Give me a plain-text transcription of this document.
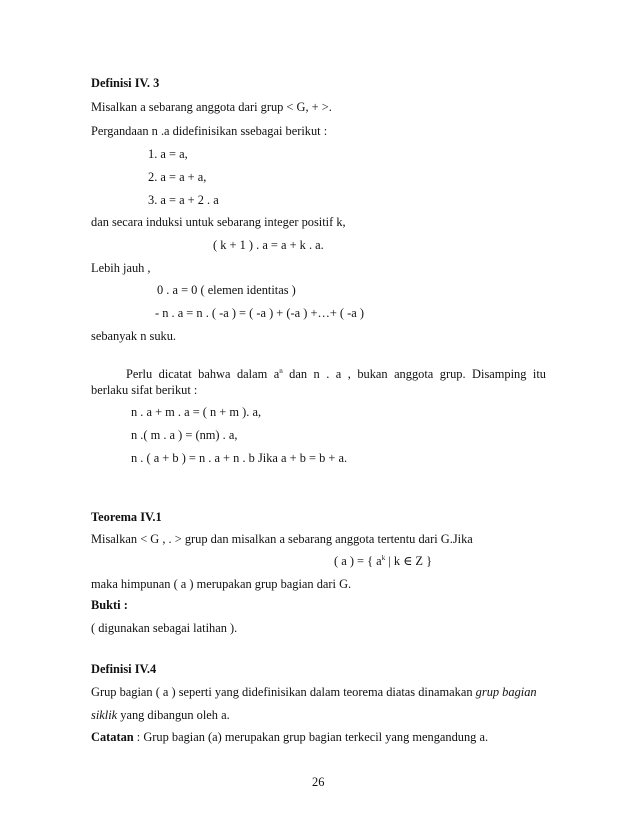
Definisi IV. 3
Misalkan a sebarang anggota dari grup < G, + >.
Pergandaan n .a didefinisikan ssebagai berikut :
1. a = a,
2. a = a + a,
3. a = a + 2 . a
dan secara induksi untuk sebarang integer positif k,
( k + 1 ) . a = a + k . a.
Lebih jauh ,
0 . a = 0 ( elemen identitas )
- n . a = n . ( -a ) = ( -a ) + (-a ) +…+ ( -a )
sebanyak n suku.
Perlu dicatat bahwa dalam $a^n$ dan n . a , bukan anggota grup. Disamping itu
berlaku sifat berikut :
n . a + m . a = ( n + m ). a,
n .( m . a ) = (nm) . a,
n . ( a + b ) = n . a + n . b Jika a + b = b + a.
Teorema IV.1
Misalkan < G , . > grup dan misalkan a sebarang anggota tertentu dari G.Jika
( a ) = { $a^k$ | k ∈ Z }
maka himpunan ( a ) merupakan grup bagian dari G.
Bukti :
( digunakan sebagai latihan ).
Definisi IV.4
Grup bagian ( a ) seperti yang didefinisikan dalam teorema diatas dinamakan grup bagian
siklik yang dibangun oleh a.
Catatan : Grup bagian (a) merupakan grup bagian terkecil yang mengandung a.
26
